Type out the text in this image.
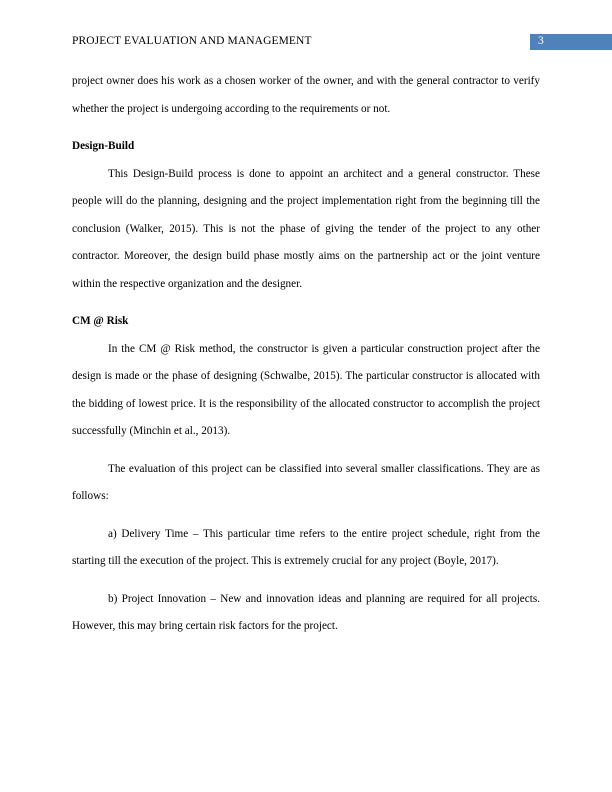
PROJECT EVALUATION AND MANAGEMENT	3

project owner does his work as a chosen worker of the owner, and with the general contractor to verify whether the project is undergoing according to the requirements or not.

Design-Build

This Design-Build process is done to appoint an architect and a general constructor. These people will do the planning, designing and the project implementation right from the beginning till the conclusion (Walker, 2015). This is not the phase of giving the tender of the project to any other contractor. Moreover, the design build phase mostly aims on the partnership act or the joint venture within the respective organization and the designer.

CM @ Risk

In the CM @ Risk method, the constructor is given a particular construction project after the design is made or the phase of designing (Schwalbe, 2015). The particular constructor is allocated with the bidding of lowest price. It is the responsibility of the allocated constructor to accomplish the project successfully (Minchin et al., 2013).

The evaluation of this project can be classified into several smaller classifications. They are as follows:

a) Delivery Time – This particular time refers to the entire project schedule, right from the starting till the execution of the project. This is extremely crucial for any project (Boyle, 2017).

b) Project Innovation – New and innovation ideas and planning are required for all projects. However, this may bring certain risk factors for the project.
